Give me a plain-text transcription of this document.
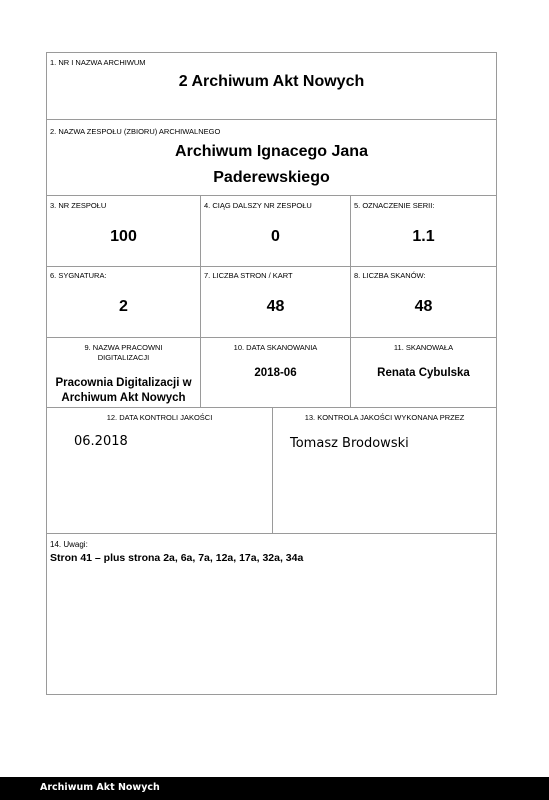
1. NR I NAZWA ARCHIWUM
2 Archiwum Akt Nowych
2. NAZWA ZESPOŁU (ZBIORU) ARCHIWALNEGO
Archiwum Ignacego Jana
Paderewskiego
3. NR ZESPOŁU
100
4. CIĄG DALSZY NR ZESPOŁU
0
5. OZNACZENIE SERII:
1.1
6. SYGNATURA:
2
7. LICZBA STRON / KART
48
8. LICZBA SKANÓW:
48
9. NAZWA PRACOWNI
DIGITALIZACJI
Pracownia Digitalizacji w
Archiwum Akt Nowych
10. DATA SKANOWANIA
2018-06
11. SKANOWAŁA
Renata Cybulska
12. DATA KONTROLI JAKOŚCI
06.2018
13. KONTROLA JAKOŚCI WYKONANA PRZEZ
Tomasz Brodowski
14. Uwagi:
Stron 41 – plus strona 2a, 6a, 7a, 12a, 17a, 32a, 34a
Archiwum Akt Nowych
